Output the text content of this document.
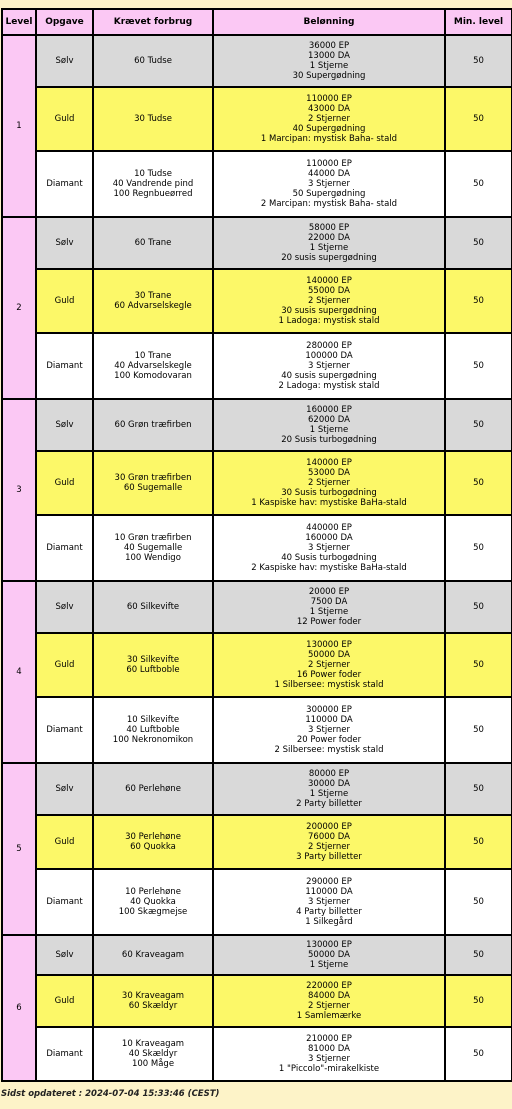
Level	Opgave	Krævet forbrug	Belønning	Min. level
1	Sølv	60 Tudse	36000 EP
13000 DA
1 Stjerne
30 Supergødning	50
	Guld	30 Tudse	110000 EP
43000 DA
2 Stjerner
40 Supergødning
1 Marcipan: mystisk Baha- stald	50
	Diamant	10 Tudse
40 Vandrende pind
100 Regnbueørred	110000 EP
44000 DA
3 Stjerner
50 Supergødning
2 Marcipan: mystisk Baha- stald	50
2	Sølv	60 Trane	58000 EP
22000 DA
1 Stjerne
20 susis supergødning	50
	Guld	30 Trane
60 Advarselskegle	140000 EP
55000 DA
2 Stjerner
30 susis supergødning
1 Ladoga: mystisk stald	50
	Diamant	10 Trane
40 Advarselskegle
100 Komodovaran	280000 EP
100000 DA
3 Stjerner
40 susis supergødning
2 Ladoga: mystisk stald	50
3	Sølv	60 Grøn træfirben	160000 EP
62000 DA
1 Stjerne
20 Susis turbogødning	50
	Guld	30 Grøn træfirben
60 Sugemalle	140000 EP
53000 DA
2 Stjerner
30 Susis turbogødning
1 Kaspiske hav: mystiske BaHa-stald	50
	Diamant	10 Grøn træfirben
40 Sugemalle
100 Wendigo	440000 EP
160000 DA
3 Stjerner
40 Susis turbogødning
2 Kaspiske hav: mystiske BaHa-stald	50
4	Sølv	60 Silkevifte	20000 EP
7500 DA
1 Stjerne
12 Power foder	50
	Guld	30 Silkevifte
60 Luftboble	130000 EP
50000 DA
2 Stjerner
16 Power foder
1 Silbersee: mystisk stald	50
	Diamant	10 Silkevifte
40 Luftboble
100 Nekronomikon	300000 EP
110000 DA
3 Stjerner
20 Power foder
2 Silbersee: mystisk stald	50
5	Sølv	60 Perlehøne	80000 EP
30000 DA
1 Stjerne
2 Party billetter	50
	Guld	30 Perlehøne
60 Quokka	200000 EP
76000 DA
2 Stjerner
3 Party billetter	50
	Diamant	10 Perlehøne
40 Quokka
100 Skægmejse	290000 EP
110000 DA
3 Stjerner
4 Party billetter
1 Silkegård	50
6	Sølv	60 Kraveagam	130000 EP
50000 DA
1 Stjerne	50
	Guld	30 Kraveagam
60 Skældyr	220000 EP
84000 DA
2 Stjerner
1 Samlemærke	50
	Diamant	10 Kraveagam
40 Skældyr
100 Måge	210000 EP
81000 DA
3 Stjerner
1 "Piccolo"-mirakelkiste	50
Sidst opdateret : 2024-07-04 15:33:46 (CEST)
